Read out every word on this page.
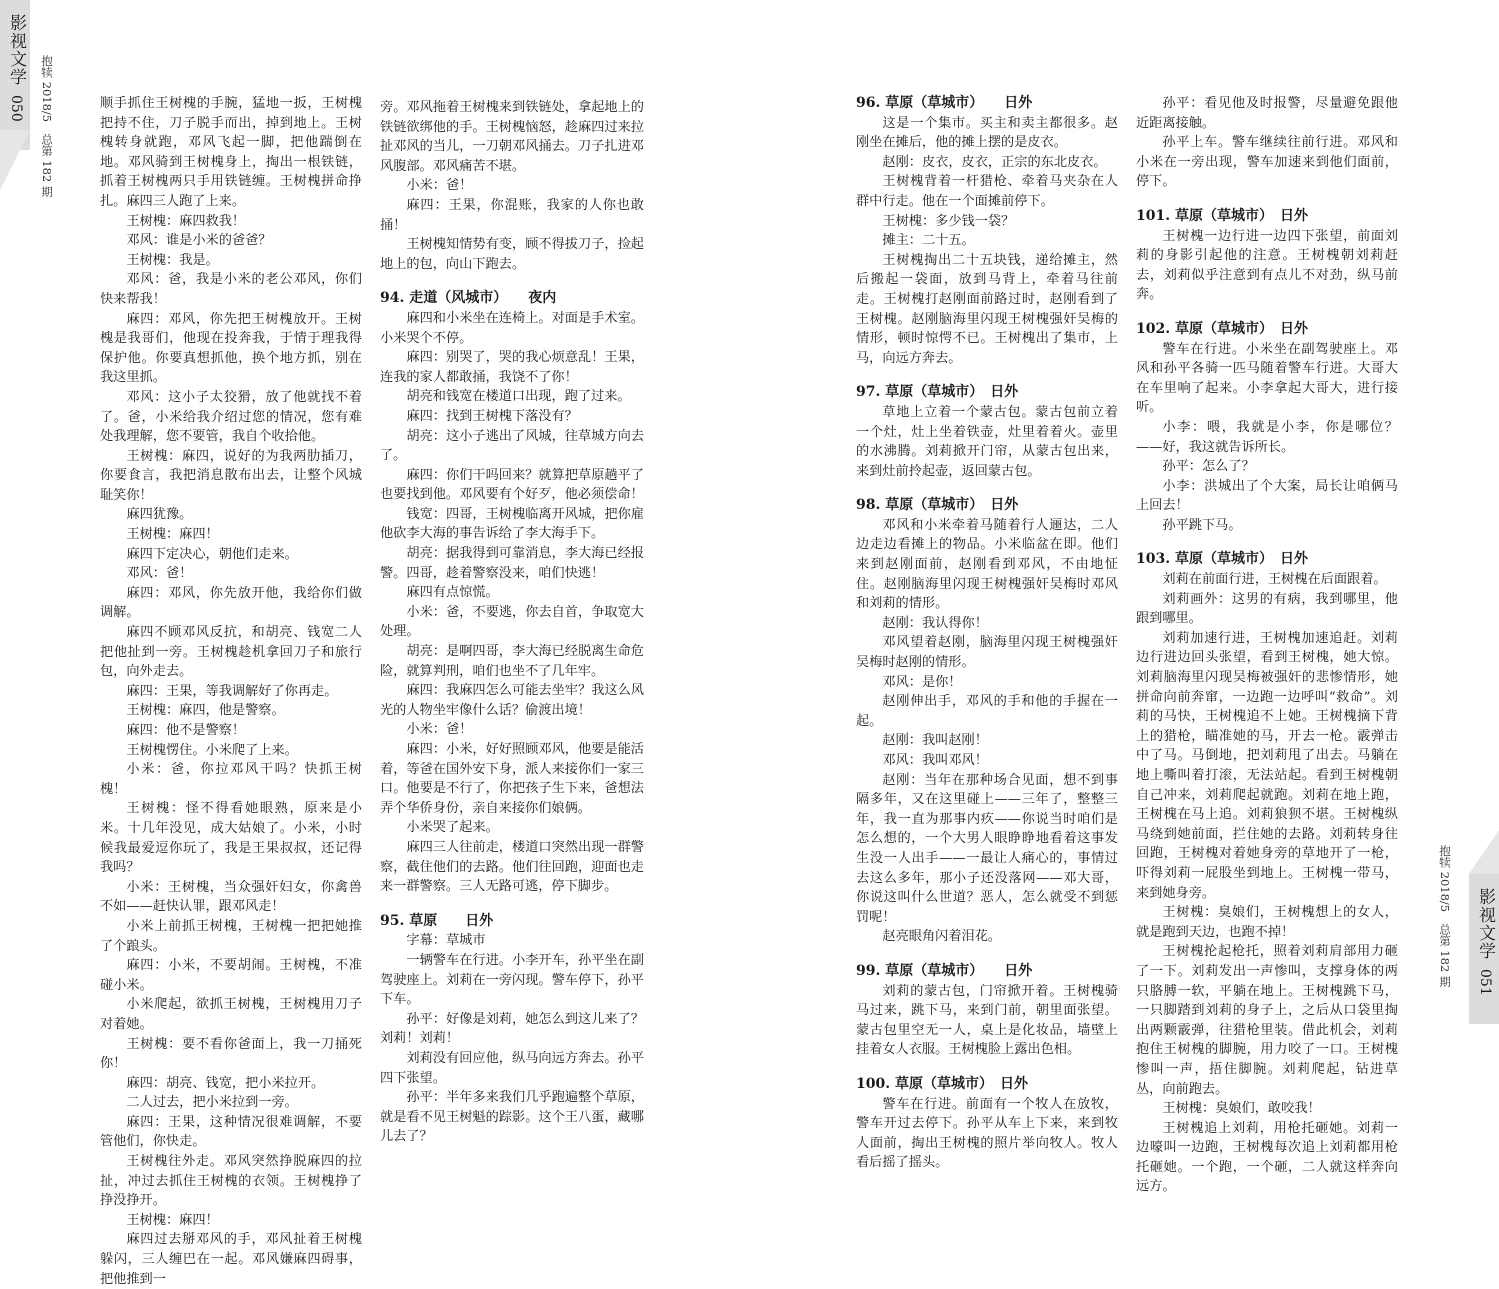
影视文学
050 抱犊 2018/5　总第 182 期
影视文学
051
抱犊 2018/5　总第 182 期

顺手抓住王树槐的手腕，猛地一扳，王树槐把持不住，刀子脱手而出，掉到地上。王树槐转身就跑，邓风飞起一脚，把他踹倒在地。邓风骑到王树槐身上，掏出一根铁链，抓着王树槐两只手用铁链缠。王树槐拼命挣扎。麻四三人跑了上来。

王树槐：麻四救我！

邓风：谁是小米的爸爸？

王树槐：我是。

邓风：爸，我是小米的老公邓风，你们快来帮我！

麻四：邓风，你先把王树槐放开。王树槐是我哥们，他现在投奔我，于情于理我得保护他。你要真想抓他，换个地方抓，别在我这里抓。

邓风：这小子太狡猾，放了他就找不着了。爸，小米给我介绍过您的情况，您有难处我理解，您不要管，我自个收拾他。

王树槐：麻四，说好的为我两肋插刀，你要食言，我把消息散布出去，让整个风城耻笑你！

麻四犹豫。

王树槐：麻四！

麻四下定决心，朝他们走来。

邓风：爸！

麻四：邓风，你先放开他，我给你们做调解。

麻四不顾邓风反抗，和胡亮、钱宽二人把他扯到一旁。王树槐趁机拿回刀子和旅行包，向外走去。

麻四：王果，等我调解好了你再走。

王树槐：麻四，他是警察。

麻四：他不是警察！

王树槐愣住。小米爬了上来。

小米：爸，你拉邓风干吗？快抓王树槐！

王树槐：怪不得看她眼熟，原来是小米。十几年没见，成大姑娘了。小米，小时候我最爱逗你玩了，我是王果叔叔，还记得我吗？

小米：王树槐，当众强奸妇女，你禽兽不如——赶快认罪，跟邓风走！

小米上前抓王树槐，王树槐一把把她推了个踉头。

麻四：小米，不要胡闹。王树槐，不准碰小米。

小米爬起，欲抓王树槐，王树槐用刀子对着她。

王树槐：要不看你爸面上，我一刀捅死你！

麻四：胡亮、钱宽，把小米拉开。

二人过去，把小米拉到一旁。

麻四：王果，这种情况很难调解，不要管他们，你快走。

王树槐往外走。邓风突然挣脱麻四的拉扯，冲过去抓住王树槐的衣领。王树槐挣了挣没挣开。

王树槐：麻四！

麻四过去掰邓风的手，邓风扯着王树槐躲闪，三人缠巴在一起。邓风嫌麻四碍事，把他推到一

旁。邓风拖着王树槐来到铁链处，拿起地上的铁链欲绑他的手。王树槐恼怒，趁麻四过来拉扯邓风的当儿，一刀朝邓风捅去。刀子扎进邓风腹部。邓风痛苦不堪。

小米：爸！

麻四：王果，你混账，我家的人你也敢捅！

王树槐知情势有变，顾不得拔刀子，捡起地上的包，向山下跑去。

94. 走道（风城市）　　夜内

麻四和小米坐在连椅上。对面是手术室。小米哭个不停。

麻四：别哭了，哭的我心烦意乱！王果，连我的家人都敢捅，我饶不了你！

胡亮和钱宽在楼道口出现，跑了过来。

麻四：找到王树槐下落没有？

胡亮：这小子逃出了风城，往草城方向去了。

麻四：你们干吗回来？就算把草原趟平了也要找到他。邓风要有个好歹，他必须偿命！

钱宽：四哥，王树槐临离开风城，把你雇他砍李大海的事告诉给了李大海手下。

胡亮：据我得到可靠消息，李大海已经报警。四哥，趁着警察没来，咱们快逃！

麻四有点惊慌。

小米：爸，不要逃，你去自首，争取宽大处理。

胡亮：是啊四哥，李大海已经脱离生命危险，就算判刑，咱们也坐不了几年牢。

麻四：我麻四怎么可能去坐牢？我这么风光的人物坐牢像什么话？偷渡出境！

小米：爸！

麻四：小米，好好照顾邓风，他要是能活着，等爸在国外安下身，派人来接你们一家三口。他要是不行了，你把孩子生下来，爸想法弄个华侨身份，亲自来接你们娘俩。

小米哭了起来。

麻四三人往前走，楼道口突然出现一群警察，截住他们的去路。他们往回跑，迎面也走来一群警察。三人无路可逃，停下脚步。

95. 草原　　日外

字幕：草城市

一辆警车在行进。小李开车，孙平坐在副驾驶座上。刘莉在一旁闪现。警车停下，孙平下车。

孙平：好像是刘莉，她怎么到这儿来了？刘莉！刘莉！

刘莉没有回应他，纵马向远方奔去。孙平四下张望。

孙平：半年多来我们几乎跑遍整个草原，就是看不见王树魁的踪影。这个王八蛋，藏哪儿去了？

96. 草原（草城市）　　日外

这是一个集市。买主和卖主都很多。赵刚坐在摊后，他的摊上摆的是皮衣。

赵刚：皮衣，皮衣，正宗的东北皮衣。

王树槐背着一杆猎枪、牵着马夹杂在人群中行走。他在一个面摊前停下。

王树槐：多少钱一袋？

摊主：二十五。

王树槐掏出二十五块钱，递给摊主，然后搬起一袋面，放到马背上，牵着马往前走。王树槐打赵刚面前路过时，赵刚看到了王树槐。赵刚脑海里闪现王树槐强奸吴梅的情形，顿时惊愕不已。王树槐出了集市，上马，向远方奔去。

97. 草原（草城市）　日外

草地上立着一个蒙古包。蒙古包前立着一个灶，灶上坐着铁壶，灶里着着火。壶里的水沸腾。刘莉掀开门帘，从蒙古包出来，来到灶前拎起壶，返回蒙古包。

98. 草原（草城市）　日外

邓风和小米牵着马随着行人逦达，二人边走边看摊上的物品。小米临盆在即。他们来到赵刚面前，赵刚看到邓风，不由地怔住。赵刚脑海里闪现王树槐强奸吴梅时邓风和刘莉的情形。

赵刚：我认得你！

邓风望着赵刚，脑海里闪现王树槐强奸吴梅时赵刚的情形。

邓风：是你！

赵刚伸出手，邓风的手和他的手握在一起。

赵刚：我叫赵刚！

邓风：我叫邓风！

赵刚：当年在那种场合见面，想不到事隔多年，又在这里碰上——三年了，整整三年，我一直为那事内疚——你说当时咱们是怎么想的，一个大男人眼睁睁地看着这事发生没一人出手——一最让人痛心的，事情过去这么多年，那小子还没落网——邓大哥，你说这叫什么世道？恶人，怎么就受不到惩罚呢！

赵亮眼角闪着泪花。

99. 草原（草城市）　　日外

刘莉的蒙古包，门帘掀开着。王树槐骑马过来，跳下马，来到门前，朝里面张望。蒙古包里空无一人，桌上是化妆品，墙壁上挂着女人衣服。王树槐脸上露出色相。

100. 草原（草城市）　日外

警车在行进。前面有一个牧人在放牧，警车开过去停下。孙平从车上下来，来到牧人面前，掏出王树槐的照片举向牧人。牧人看后摇了摇头。

孙平：看见他及时报警，尽量避免跟他近距离接触。

孙平上车。警车继续往前行进。邓风和小米在一旁出现，警车加速来到他们面前，停下。

101. 草原（草城市）　日外

王树槐一边行进一边四下张望，前面刘莉的身影引起他的注意。王树槐朝刘莉赶去，刘莉似乎注意到有点儿不对劲，纵马前奔。

102. 草原（草城市）　日外

警车在行进。小米坐在副驾驶座上。邓风和孙平各骑一匹马随着警车行进。大哥大在车里响了起来。小李拿起大哥大，进行接听。

小李：喂，我就是小李，你是哪位？——好，我这就告诉所长。

孙平：怎么了？

小李：洪城出了个大案，局长让咱俩马上回去！

孙平跳下马。

103. 草原（草城市）　日外

刘莉在前面行进，王树槐在后面跟着。

刘莉画外：这男的有病，我到哪里，他跟到哪里。

刘莉加速行进，王树槐加速追赶。刘莉边行进边回头张望，看到王树槐，她大惊。刘莉脑海里闪现吴梅被强奸的悲惨情形，她拼命向前奔窜，一边跑一边呼叫“救命”。刘莉的马快，王树槐追不上她。王树槐摘下背上的猎枪，瞄准她的马，开去一枪。霰弹击中了马。马倒地，把刘莉甩了出去。马躺在地上嘶叫着打滚，无法站起。看到王树槐朝自己冲来，刘莉爬起就跑。刘莉在地上跑，王树槐在马上追。刘莉狼狈不堪。王树槐纵马绕到她前面，拦住她的去路。刘莉转身往回跑，王树槐对着她身旁的草地开了一枪，吓得刘莉一屁股坐到地上。王树槐一带马，来到她身旁。

王树槐：臭娘们，王树槐想上的女人，就是跑到天边，也跑不掉！

王树槐抡起枪托，照着刘莉肩部用力砸了一下。刘莉发出一声惨叫，支撑身体的两只胳膊一软，平躺在地上。王树槐跳下马，一只脚踏到刘莉的身子上，之后从口袋里掏出两颗霰弹，往猎枪里装。借此机会，刘莉抱住王树槐的脚腕，用力咬了一口。王树槐惨叫一声，捂住脚腕。刘莉爬起，钻进草丛，向前跑去。

王树槐：臭娘们，敢咬我！

王树槐追上刘莉，用枪托砸她。刘莉一边嚎叫一边跑，王树槐每次追上刘莉都用枪托砸她。一个跑，一个砸，二人就这样奔向远方。
